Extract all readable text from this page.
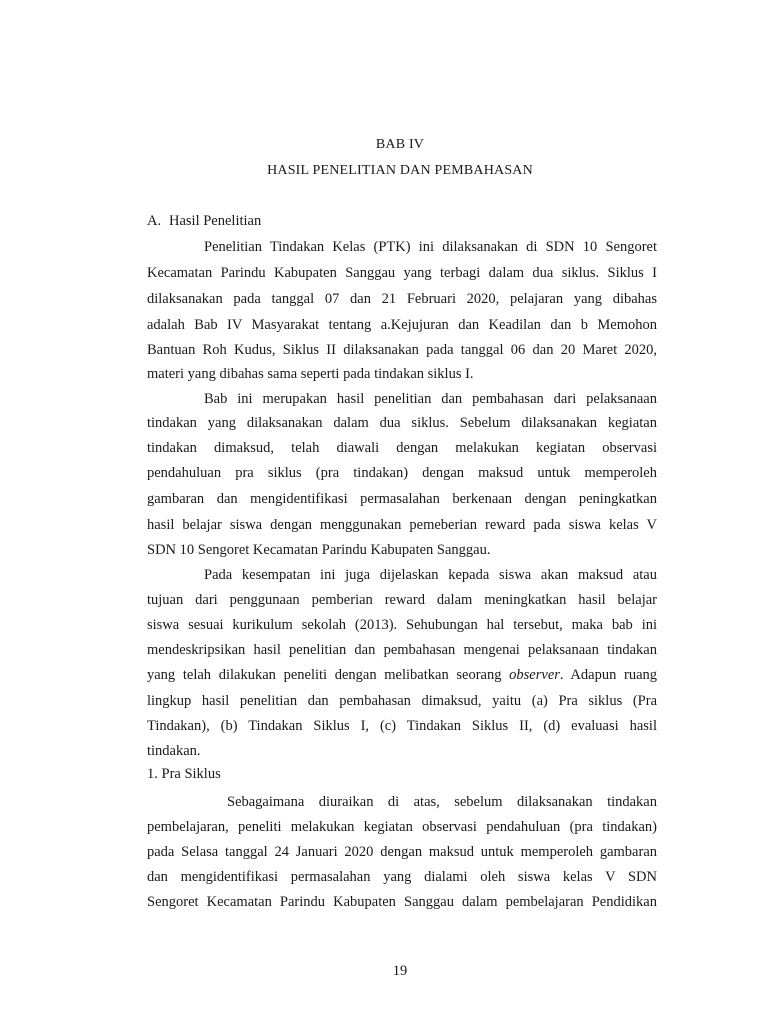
BAB IV
HASIL PENELITIAN DAN PEMBAHASAN
A. Hasil Penelitian
Penelitian Tindakan Kelas (PTK) ini dilaksanakan di SDN 10 Sengoret
Kecamatan Parindu Kabupaten Sanggau yang terbagi dalam dua siklus. Siklus I
dilaksanakan pada tanggal 07 dan 21 Februari 2020, pelajaran yang dibahas
adalah Bab IV Masyarakat tentang a.Kejujuran dan Keadilan dan b Memohon
Bantuan Roh Kudus, Siklus II dilaksanakan pada tanggal 06 dan 20 Maret 2020,
materi yang dibahas sama seperti pada tindakan siklus I.
Bab ini merupakan hasil penelitian dan pembahasan dari pelaksanaan
tindakan yang dilaksanakan dalam dua siklus. Sebelum dilaksanakan kegiatan
tindakan dimaksud, telah diawali dengan melakukan kegiatan observasi
pendahuluan pra siklus (pra tindakan) dengan maksud untuk memperoleh
gambaran dan mengidentifikasi permasalahan berkenaan dengan peningkatkan
hasil belajar siswa dengan menggunakan pemeberian reward pada siswa kelas V
SDN 10 Sengoret Kecamatan Parindu Kabupaten Sanggau.
Pada kesempatan ini juga dijelaskan kepada siswa akan maksud atau
tujuan dari penggunaan pemberian reward dalam meningkatkan hasil belajar
siswa sesuai kurikulum sekolah (2013). Sehubungan hal tersebut, maka bab ini
mendeskripsikan hasil penelitian dan pembahasan mengenai pelaksanaan tindakan
yang telah dilakukan peneliti dengan melibatkan seorang observer. Adapun ruang
lingkup hasil penelitian dan pembahasan dimaksud, yaitu (a) Pra siklus (Pra
Tindakan), (b) Tindakan Siklus I, (c) Tindakan Siklus II, (d) evaluasi hasil
tindakan.
1. Pra Siklus
Sebagaimana diuraikan di atas, sebelum dilaksanakan tindakan
pembelajaran, peneliti melakukan kegiatan observasi pendahuluan (pra tindakan)
pada Selasa tanggal 24 Januari 2020 dengan maksud untuk memperoleh gambaran
dan mengidentifikasi permasalahan yang dialami oleh siswa kelas V SDN
Sengoret Kecamatan Parindu Kabupaten Sanggau dalam pembelajaran Pendidikan
19
